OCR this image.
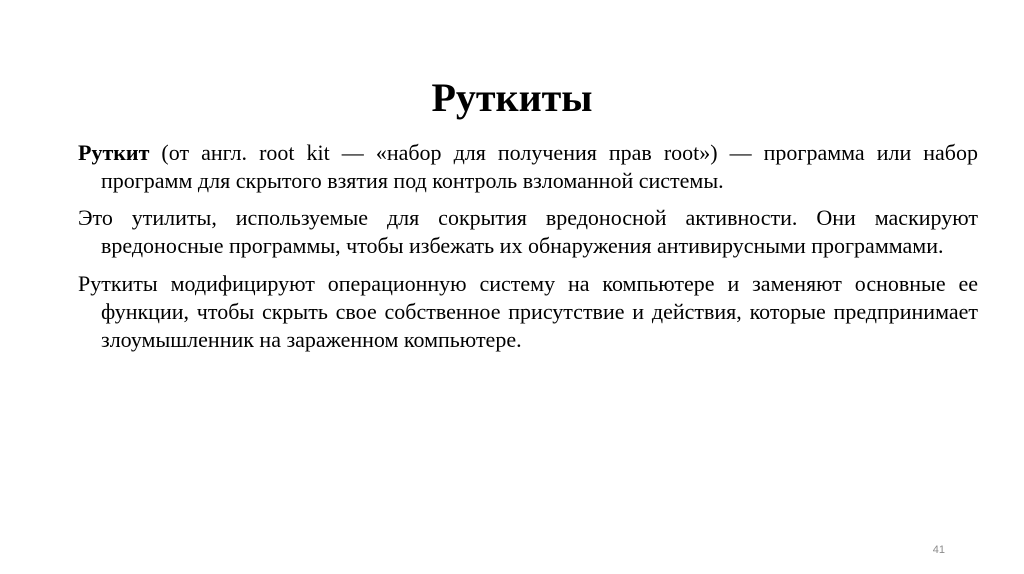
Руткиты

Руткит (от англ. root kit — «набор для получения прав root») — программа или набор программ для скрытого взятия под контроль взломанной системы.

Это утилиты, используемые для сокрытия вредоносной активности. Они маскируют вредоносные программы, чтобы избежать их обнаружения антивирусными программами.

Руткиты модифицируют операционную систему на компьютере и заменяют основные ее функции, чтобы скрыть свое собственное присутствие и действия, которые предпринимает злоумышленник на зараженном компьютере.

41
